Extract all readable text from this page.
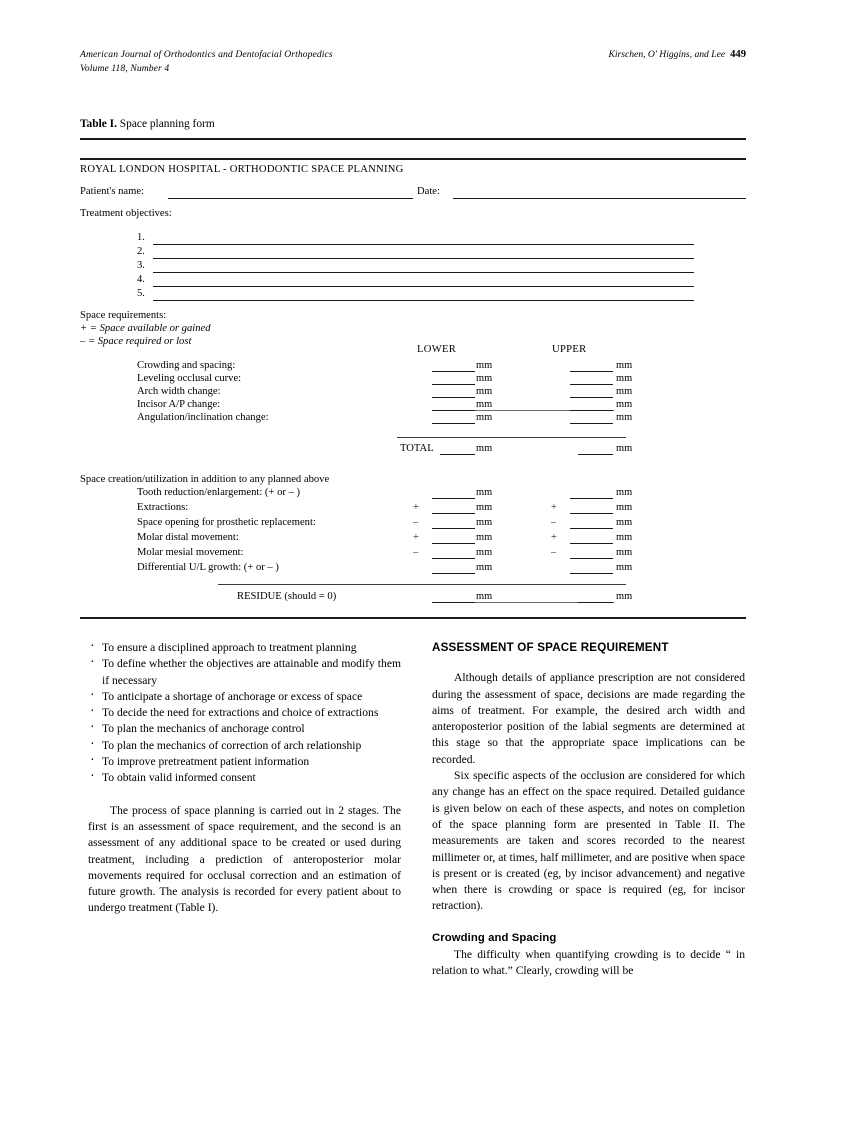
American Journal of Orthodontics and Dentofacial Orthopedics
Volume 118, Number 4
Kirschen, O' Higgins, and Lee 449
Table I. Space planning form
ROYAL LONDON HOSPITAL - ORTHODONTIC SPACE PLANNING
Patient's name:	Date:
Treatment objectives:
1.
2.
3.
4.
5.
Space requirements:
+ = Space available or gained
– = Space required or lost
LOWER	UPPER
Crowding and spacing:	mm	mm
Leveling occlusal curve:	mm	mm
Arch width change:	mm	mm
Incisor A/P change:	mm	mm
Angulation/inclination change:	mm	mm
TOTAL	mm	mm
Space creation/utilization in addition to any planned above
Tooth reduction/enlargement: (+ or – )	mm	mm
Extractions:	+	mm	+	mm
Space opening for prosthetic replacement:	–	mm	–	mm
Molar distal movement:	+	mm	+	mm
Molar mesial movement:	–	mm	–	mm
Differential U/L growth: (+ or – )	mm	mm
RESIDUE (should = 0)	mm	mm
· To ensure a disciplined approach to treatment planning
· To define whether the objectives are attainable and modify them if necessary
· To anticipate a shortage of anchorage or excess of space
· To decide the need for extractions and choice of extractions
· To plan the mechanics of anchorage control
· To plan the mechanics of correction of arch relationship
· To improve pretreatment patient information
· To obtain valid informed consent

The process of space planning is carried out in 2 stages. The first is an assessment of space requirement, and the second is an assessment of any additional space to be created or used during treatment, including a prediction of anteroposterior molar movements required for occlusal correction and an estimation of future growth. The analysis is recorded for every patient about to undergo treatment (Table I).

ASSESSMENT OF SPACE REQUIREMENT

Although details of appliance prescription are not considered during the assessment of space, decisions are made regarding the aims of treatment. For example, the desired arch width and anteroposterior position of the labial segments are determined at this stage so that the appropriate space implications can be recorded.

Six specific aspects of the occlusion are considered for which any change has an effect on the space required. Detailed guidance is given below on each of these aspects, and notes on completion of the space planning form are presented in Table II. The measurements are taken and scores recorded to the nearest millimeter or, at times, half millimeter, and are positive when space is present or is created (eg, by incisor advancement) and negative when there is crowding or space is required (eg, for incisor retraction).

Crowding and Spacing

The difficulty when quantifying crowding is to decide “ in relation to what.” Clearly, crowding will be
